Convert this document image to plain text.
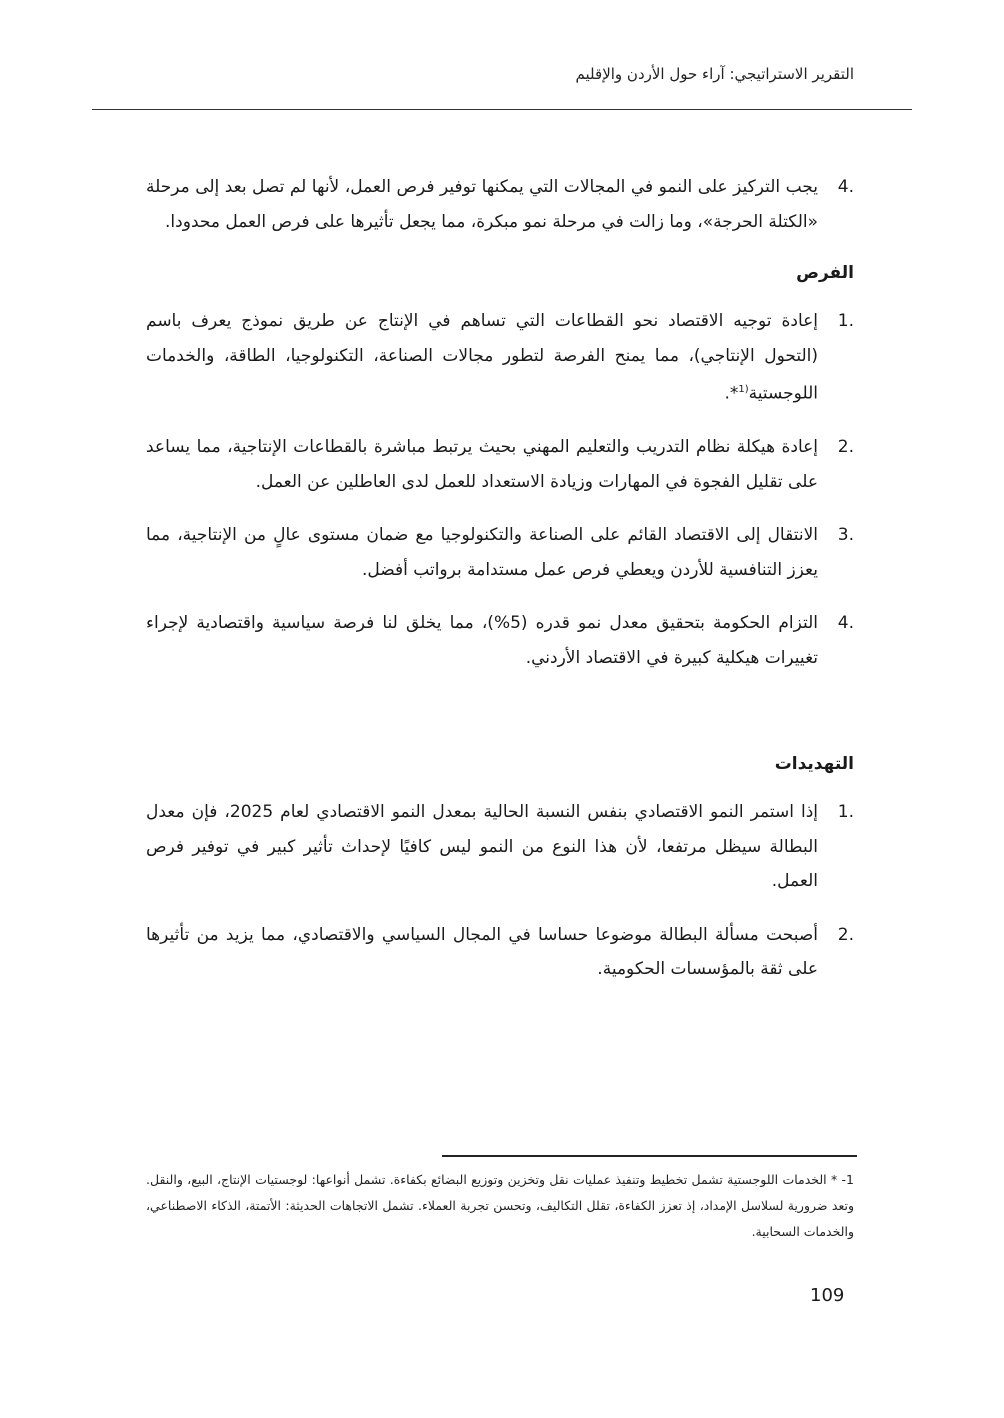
التقرير الاستراتيجي: آراء حول الأردن والإقليم
4.
يجب التركيز على النمو في المجالات التي يمكنها توفير فرص العمل، لأنها لم تصل بعد إلى مرحلة «الكتلة الحرجة»، وما زالت في مرحلة نمو مبكرة، مما يجعل تأثيرها على فرص العمل محدودا.
الفرص
1.
إعادة توجيه الاقتصاد نحو القطاعات التي تساهم في الإنتاج عن طريق نموذج يعرف باسم (التحول الإنتاجي)، مما يمنح الفرصة لتطور مجالات الصناعة، التكنولوجيا، الطاقة، والخدمات اللوجستية$^{(1}$*.
2.
إعادة هيكلة نظام التدريب والتعليم المهني بحيث يرتبط مباشرة بالقطاعات الإنتاجية، مما يساعد على تقليل الفجوة في المهارات وزيادة الاستعداد للعمل لدى العاطلين عن العمل.
3.
الانتقال إلى الاقتصاد القائم على الصناعة والتكنولوجيا مع ضمان مستوى عالٍ من الإنتاجية، مما يعزز التنافسية للأردن ويعطي فرص عمل مستدامة برواتب أفضل.
4.
التزام الحكومة بتحقيق معدل نمو قدره (5%)، مما يخلق لنا فرصة سياسية واقتصادية لإجراء تغييرات هيكلية كبيرة في الاقتصاد الأردني.
التهديدات
1.
إذا استمر النمو الاقتصادي بنفس النسبة الحالية بمعدل النمو الاقتصادي لعام 2025، فإن معدل البطالة سيظل مرتفعا، لأن هذا النوع من النمو ليس كافيًا لإحداث تأثير كبير في توفير فرص العمل.
2.
أصبحت مسألة البطالة موضوعا حساسا في المجال السياسي والاقتصادي، مما يزيد من تأثيرها على ثقة بالمؤسسات الحكومية.
1- * الخدمات اللوجستية تشمل تخطيط وتنفيذ عمليات نقل وتخزين وتوزيع البضائع بكفاءة. تشمل أنواعها: لوجستيات الإنتاج، البيع، والنقل. وتعد ضرورية لسلاسل الإمداد، إذ تعزز الكفاءة، تقلل التكاليف، وتحسن تجربة العملاء. تشمل الاتجاهات الحديثة: الأتمتة، الذكاء الاصطناعي، والخدمات السحابية.
109
